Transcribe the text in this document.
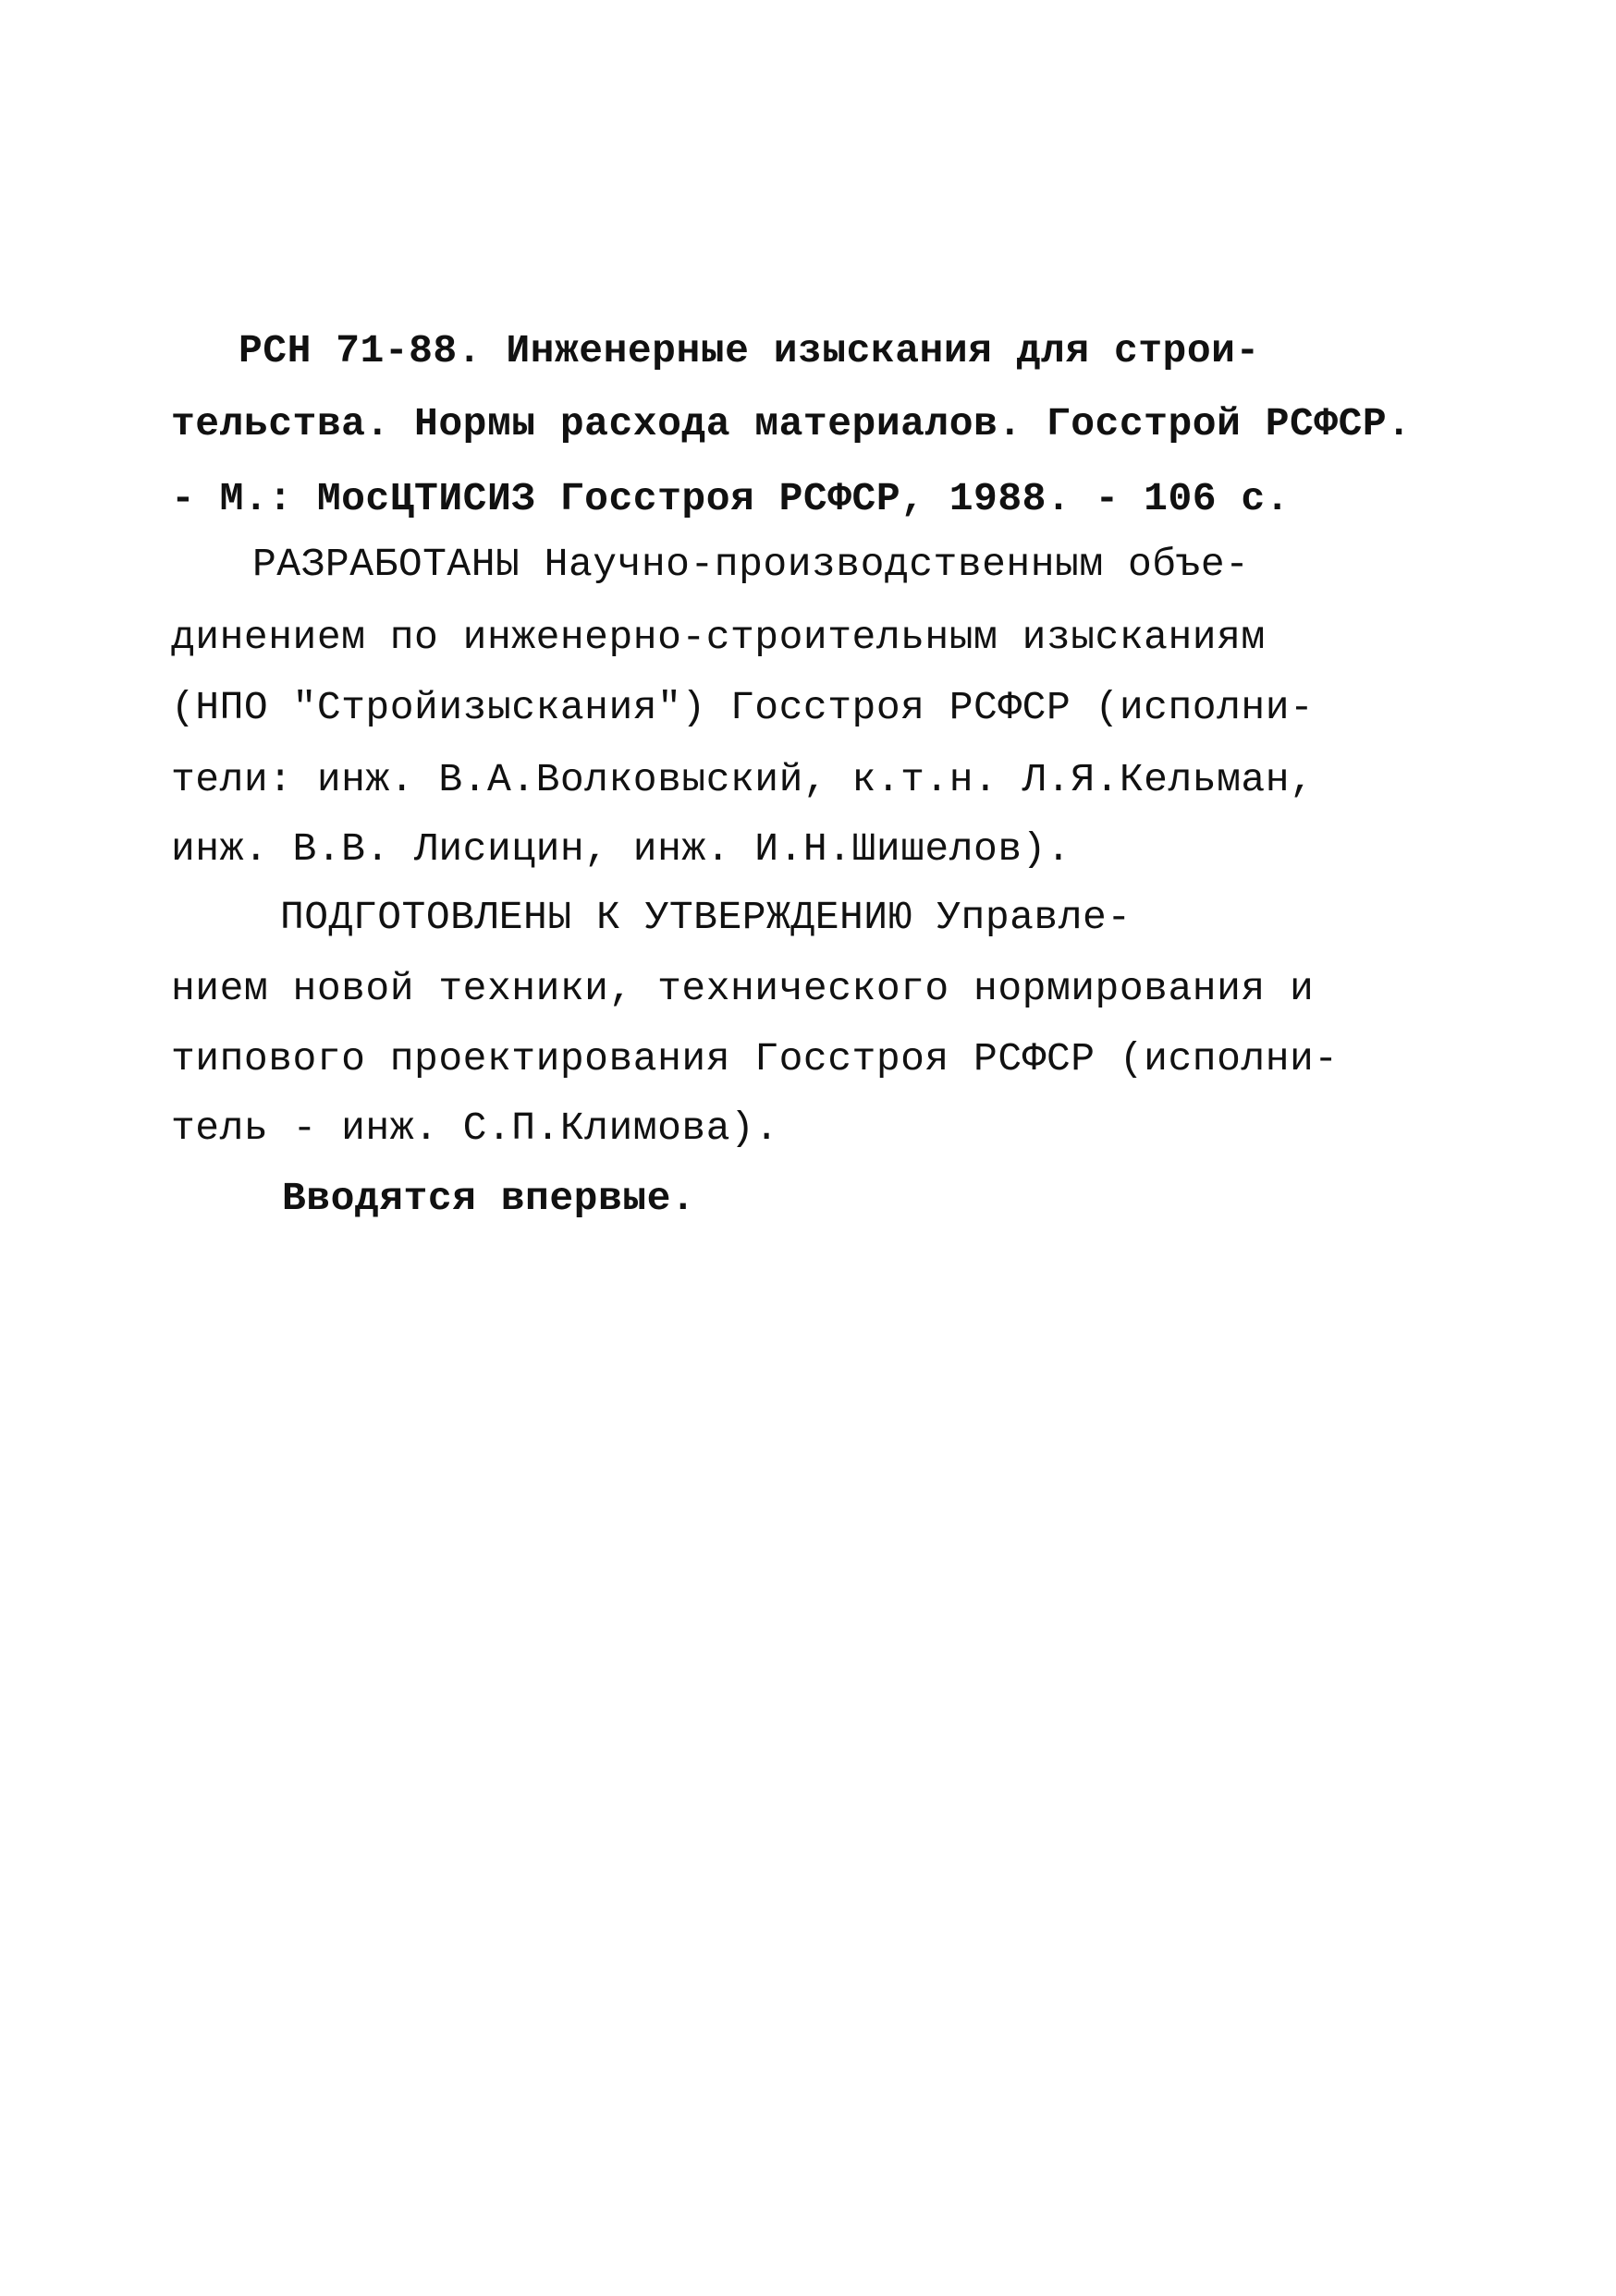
РСН 71-88. Инженерные изыскания для строи-
тельства. Нормы расхода материалов. Госстрой РСФСР.
- М.: МосЦТИСИЗ Госстроя РСФСР, 1988. - 106 с.
РАЗРАБОТАНЫ Научно-производственным объе-
динением по инженерно-строительным изысканиям
(НПО "Стройизыскания") Госстроя РСФСР (исполни-
тели: инж. В.А.Волковыский, к.т.н. Л.Я.Кельман,
инж. В.В. Лисицин, инж. И.Н.Шишелов).
ПОДГОТОВЛЕНЫ К УТВЕРЖДЕНИЮ Управле-
нием новой техники, технического нормирования и
типового проектирования Госстроя РСФСР (исполни-
тель - инж. С.П.Климова).
Вводятся впервые.
